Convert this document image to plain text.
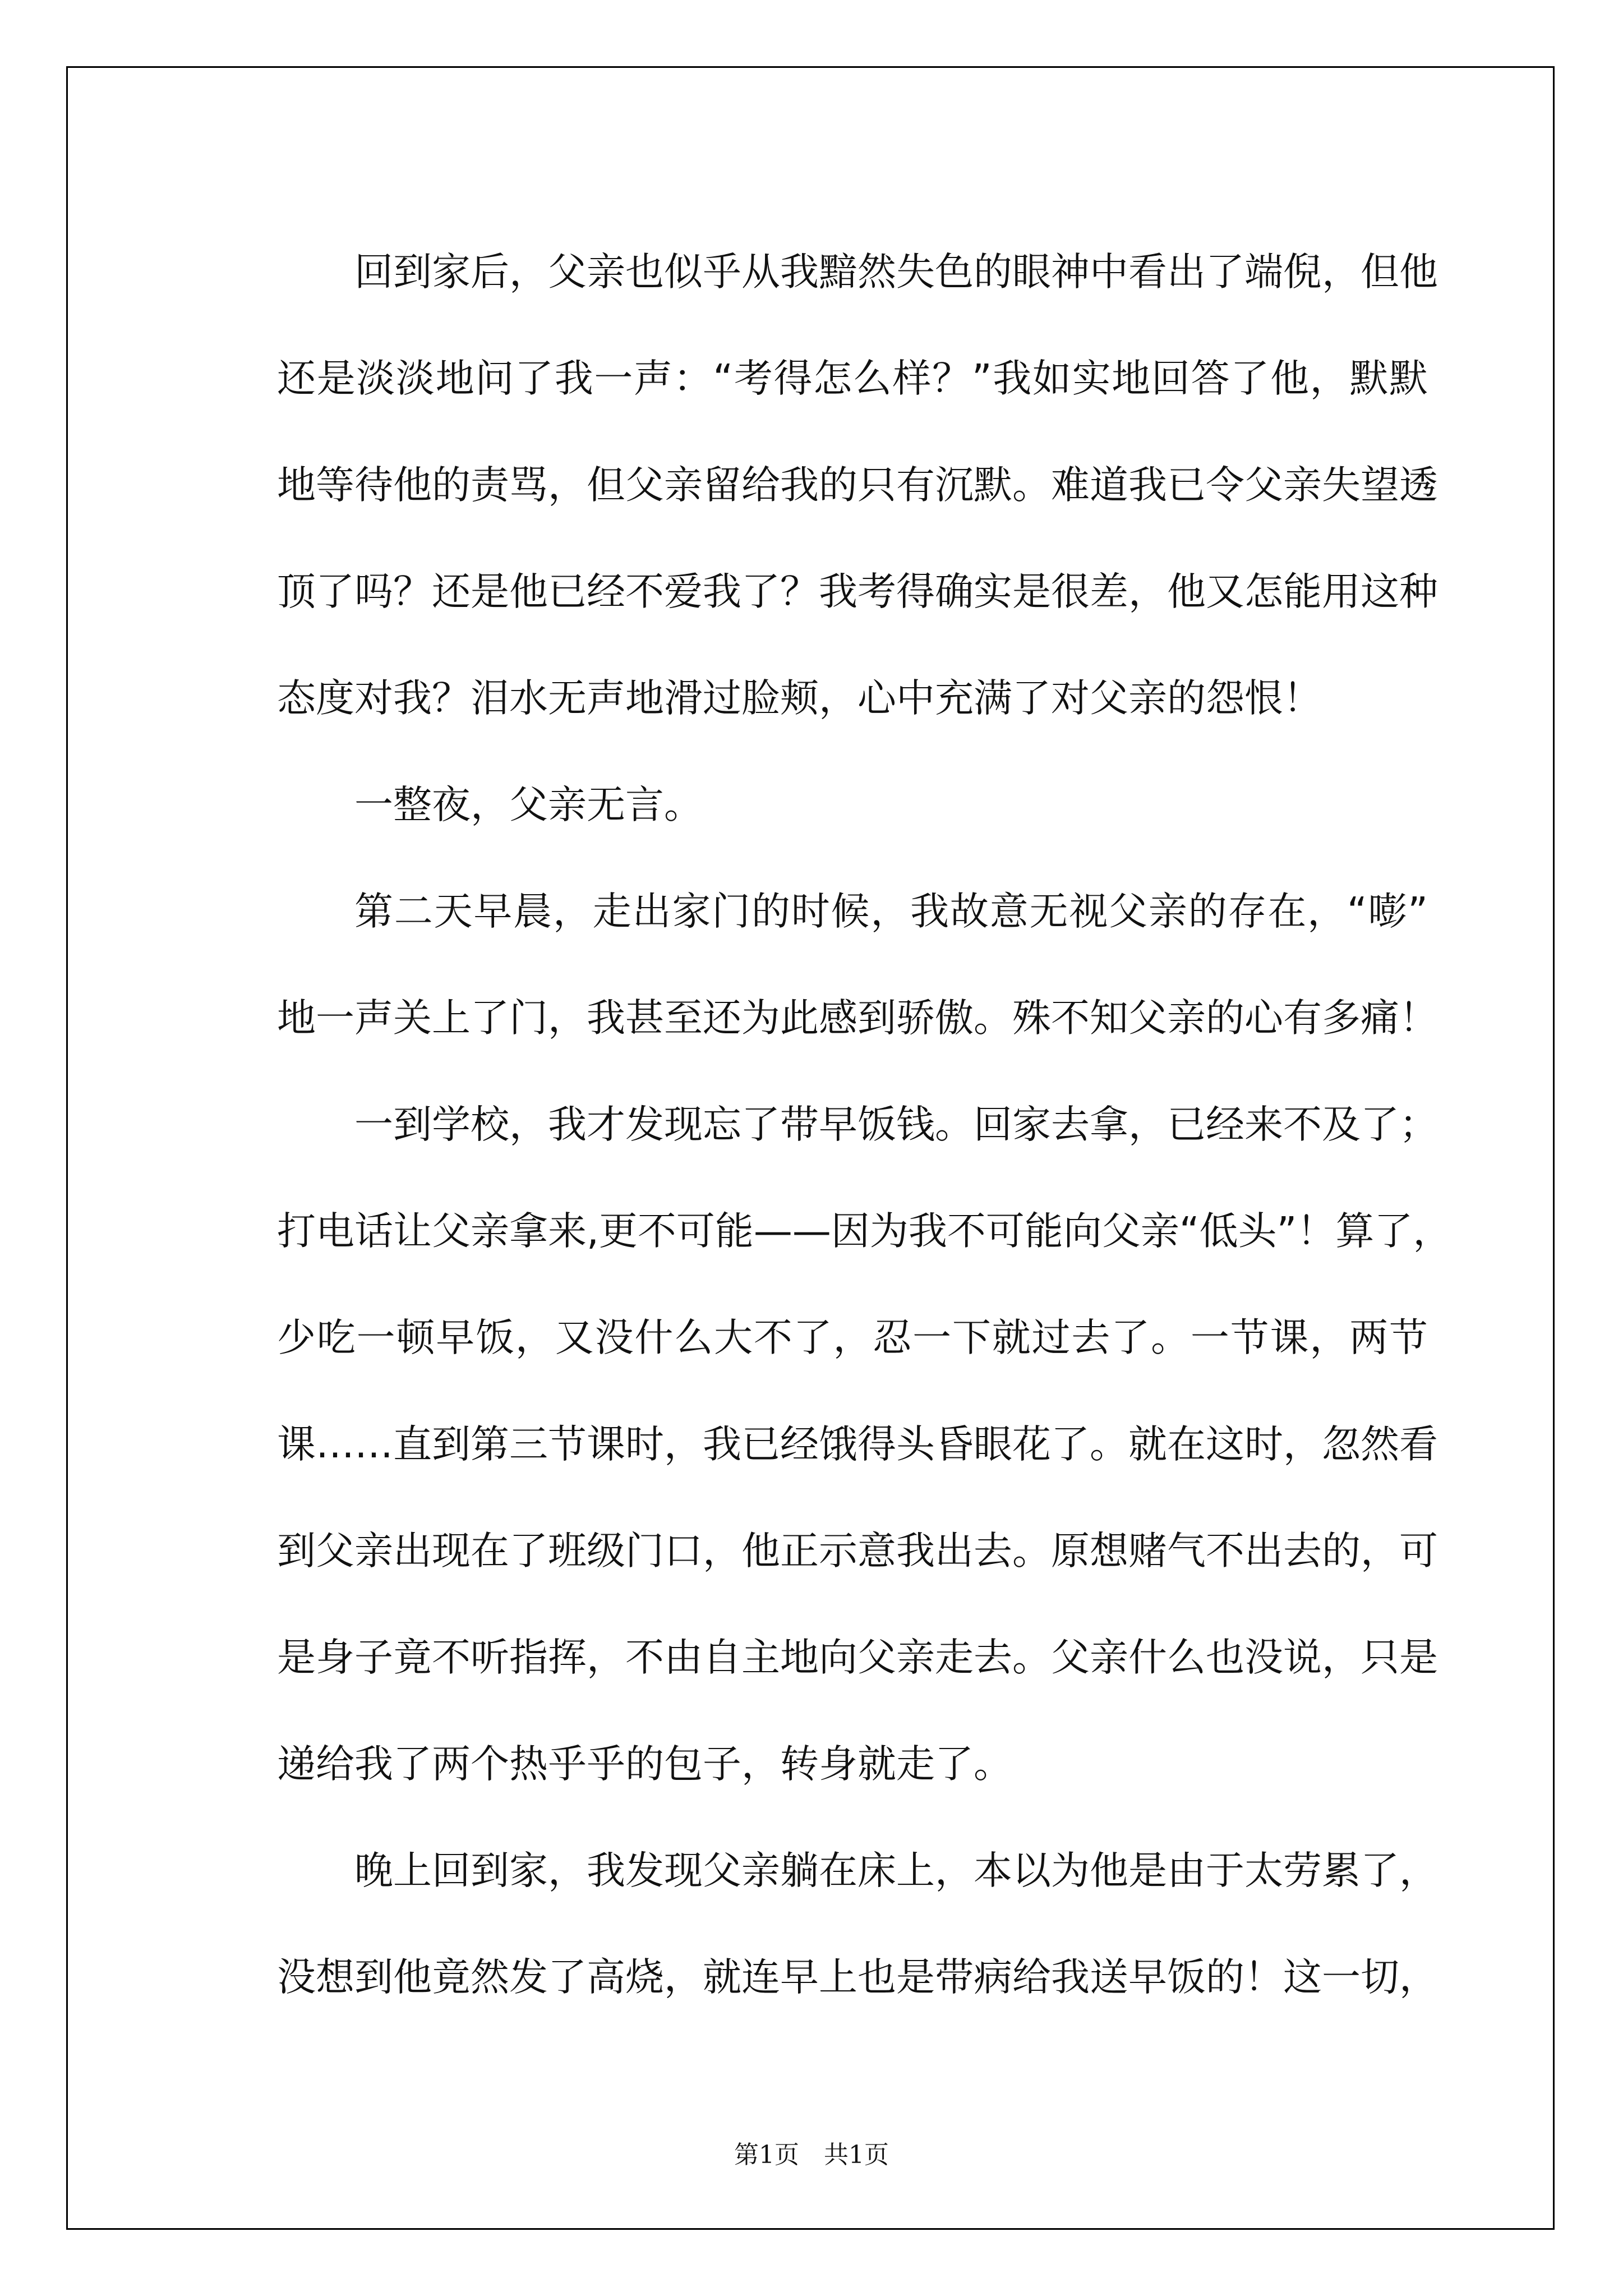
回到家后，父亲也似乎从我黯然失色的眼神中看出了端倪，但他
还是淡淡地问了我一声：“考得怎么样？”我如实地回答了他，默默
地等待他的责骂，但父亲留给我的只有沉默。难道我已令父亲失望透
顶了吗？还是他已经不爱我了？我考得确实是很差，他又怎能用这种
态度对我？泪水无声地滑过脸颊，心中充满了对父亲的怨恨！
一整夜，父亲无言。
第二天早晨，走出家门的时候，我故意无视父亲的存在，“嘭”
地一声关上了门，我甚至还为此感到骄傲。殊不知父亲的心有多痛！
一到学校，我才发现忘了带早饭钱。回家去拿，已经来不及了；
打电话让父亲拿来,更不可能——因为我不可能向父亲“低头”！算了，
少吃一顿早饭，又没什么大不了，忍一下就过去了。一节课，两节
课……直到第三节课时，我已经饿得头昏眼花了。就在这时，忽然看
到父亲出现在了班级门口，他正示意我出去。原想赌气不出去的，可
是身子竟不听指挥，不由自主地向父亲走去。父亲什么也没说，只是
递给我了两个热乎乎的包子，转身就走了。
晚上回到家，我发现父亲躺在床上，本以为他是由于太劳累了，
没想到他竟然发了高烧，就连早上也是带病给我送早饭的！这一切，
第1页　共1页
